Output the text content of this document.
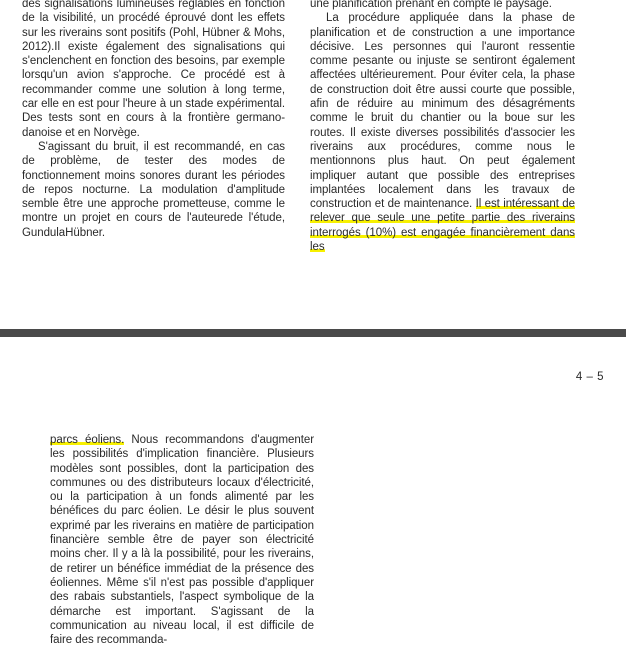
des signalisations lumineuses réglables en fonction de la visibilité, un procédé éprouvé dont les effets sur les riverains sont positifs (Pohl, Hübner & Mohs, 2012).Il existe également des signalisations qui s'enclenchent en fonction des besoins, par exemple lorsqu'un avion s'approche. Ce procédé est à recommander comme une solution à long terme, car elle en est pour l'heure à un stade expérimental. Des tests sont en cours à la frontière germano-danoise et en Norvège.

S'agissant du bruit, il est recommandé, en cas de problème, de tester des modes de fonctionnement moins sonores durant les périodes de repos nocturne. La modulation d'amplitude semble être une approche prometteuse, comme le montre un projet en cours de l'auteurede l'étude, GundulaHübner.

une planification prenant en compte le paysage.

La procédure appliquée dans la phase de planification et de construction a une importance décisive. Les personnes qui l'auront ressentie comme pesante ou injuste se sentiront également affectées ultérieurement. Pour éviter cela, la phase de construction doit être aussi courte que possible, afin de réduire au minimum des désagréments comme le bruit du chantier ou la boue sur les routes. Il existe diverses possibilités d'associer les riverains aux procédures, comme nous le mentionnons plus haut. On peut également impliquer autant que possible des entreprises implantées localement dans les travaux de construction et de maintenance. Il est intéressant de relever que seule une petite partie des riverains interrogés (10%) est engagée financièrement dans les

4 – 5

parcs éoliens. Nous recommandons d'augmenter les possibilités d'implication financière. Plusieurs modèles sont possibles, dont la participation des communes ou des distributeurs locaux d'électricité, ou la participation à un fonds alimenté par les bénéfices du parc éolien. Le désir le plus souvent exprimé par les riverains en matière de participation financière semble être de payer son électricité moins cher. Il y a là la possibilité, pour les riverains, de retirer un bénéfice immédiat de la présence des éoliennes. Même s'il n'est pas possible d'appliquer des rabais substantiels, l'aspect symbolique de la démarche est important. S'agissant de la communication au niveau local, il est difficile de faire des recommanda-
